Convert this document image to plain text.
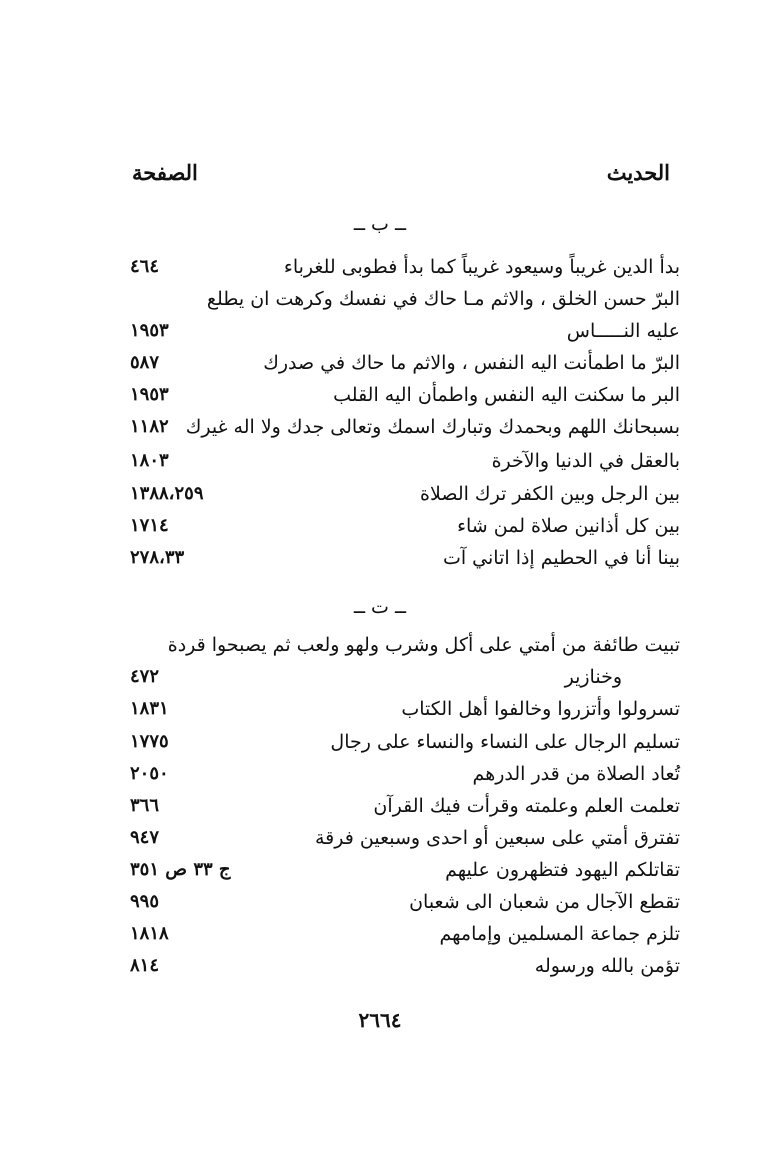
الحديث
الصفحة
ــ ب ــ
بدأ الدين غريباً وسيعود غريباً كما بدأ فطوبى للغرباء
٤٦٤
البرّ حسن الخلق ، والاثم مـا حاك في نفسك وكرهت ان يطلع
عليه النـــــاس
١٩٥٣
البرّ ما اطمأنت اليه النفس ، والاثم ما حاك في صدرك
٥٨٧
البر ما سكنت اليه النفس واطمأن اليه القلب
١٩٥٣
بسبحانك اللهم وبحمدك وتبارك اسمك وتعالى جدك ولا اله غيرك
١١٨٢
بالعقل في الدنيا والآخرة
١٨٠٣
بين الرجل وبين الكفر ترك الصلاة
١٣٨٨،٢٥٩
بين كل أذانين صلاة لمن شاء
١٧١٤
بينا أنا في الحطيم إذا اتاني آت
٢٧٨،٣٣
ــ ت ــ
تبيت طائفة من أمتي على أكل وشرب ولهو ولعب ثم يصبحوا قردة
وخنازير
٤٧٢
تسرولوا وأتزروا وخالفوا أهل الكتاب
١٨٣١
تسليم الرجال على النساء والنساء على رجال
١٧٧٥
تُعاد الصلاة من قدر الدرهم
٢٠٥٠
تعلمت العلم وعلمته وقرأت فيك القرآن
٣٦٦
تفترق أمتي على سبعين أو احدى وسبعين فرقة
٩٤٧
تقاتلكم اليهود فتظهرون عليهم
ج ٣٣ ص ٣٥١
تقطع الآجال من شعبان الى شعبان
٩٩٥
تلزم جماعة المسلمين وإمامهم
١٨١٨
تؤمن بالله ورسوله
٨١٤
٢٦٦٤
